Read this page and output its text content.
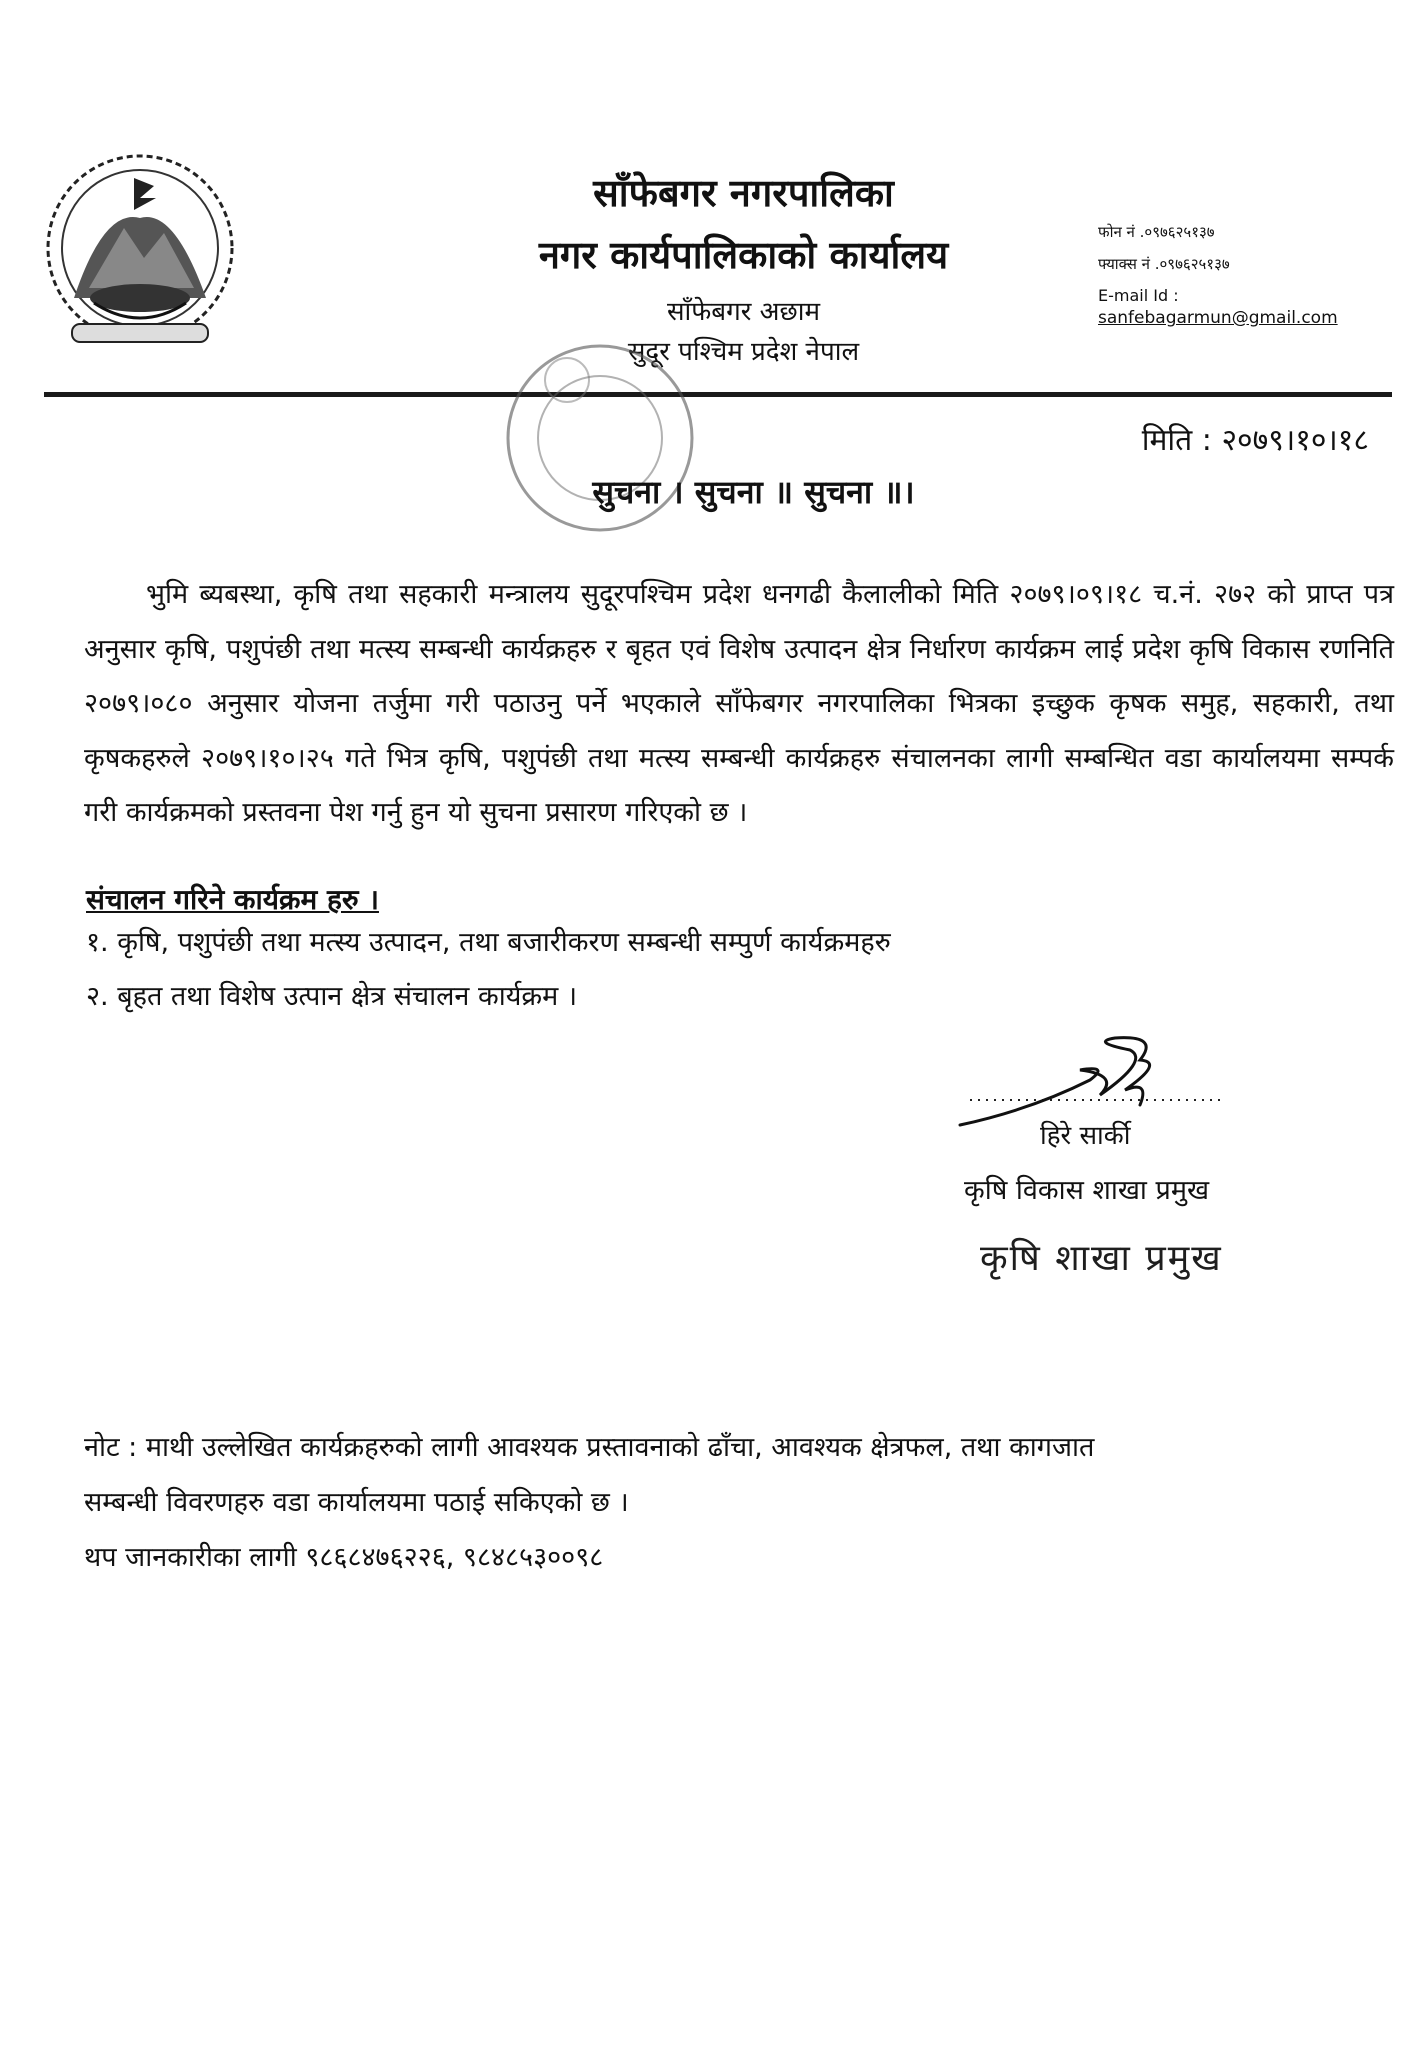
साँफेबगर नगरपालिका
नगर कार्यपालिकाको कार्यालय
साँफेबगर अछाम
सुदूर पश्चिम प्रदेश नेपाल
फोन नं .०९७६२५१३७
फ्याक्स नं .०९७६२५१३७
E-mail Id :
sanfebagarmun@gmail.com
मिति : २०७९।१०।१८
सुचना । सुचना ॥ सुचना ॥।
भुमि ब्यबस्था, कृषि तथा सहकारी मन्त्रालय सुदूरपश्चिम प्रदेश धनगढी कैलालीको मिति २०७९।०९।१८ च.नं. २७२ को प्राप्त पत्र अनुसार कृषि, पशुपंछी तथा मत्स्य सम्बन्धी कार्यक्रहरु र बृहत एवं विशेष उत्पादन क्षेत्र निर्धारण कार्यक्रम लाई प्रदेश कृषि विकास रणनिति २०७९।०८० अनुसार योजना तर्जुमा गरी पठाउनु पर्ने भएकाले साँफेबगर नगरपालिका भित्रका इच्छुक कृषक समुह, सहकारी, तथा कृषकहरुले २०७९।१०।२५ गते भित्र कृषि, पशुपंछी तथा मत्स्य सम्बन्धी कार्यक्रहरु संचालनका लागी सम्बन्धित वडा कार्यालयमा सम्पर्क गरी कार्यक्रमको प्रस्तवना पेश गर्नु हुन यो सुचना प्रसारण गरिएको छ ।
संचालन गरिने कार्यक्रम हरु ।
१. कृषि, पशुपंछी तथा मत्स्य उत्पादन, तथा बजारीकरण सम्बन्धी सम्पुर्ण कार्यक्रमहरु
२. बृहत तथा विशेष उत्पान क्षेत्र संचालन कार्यक्रम ।
हिरे सार्की
कृषि विकास शाखा प्रमुख
कृषि शाखा प्रमुख
नोट : माथी उल्लेखित कार्यक्रहरुको लागी आवश्यक प्रस्तावनाको ढाँचा, आवश्यक क्षेत्रफल, तथा कागजात
सम्बन्धी विवरणहरु वडा कार्यालयमा पठाई सकिएको छ ।
थप जानकारीका लागी ९८६८४७६२२६, ९८४८५३००९८
